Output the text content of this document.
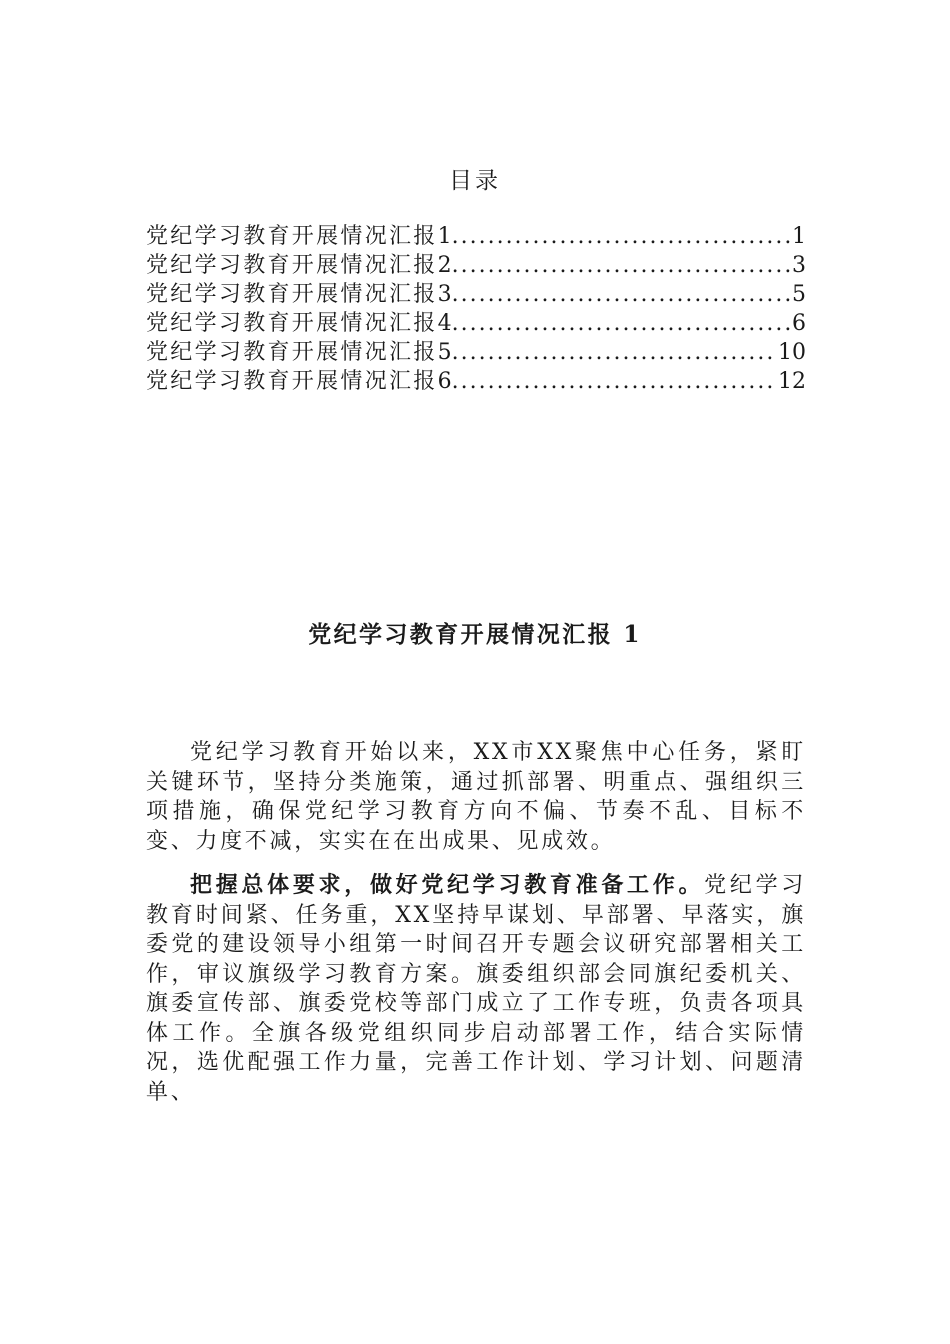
目录
党纪学习教育开展情况汇报 1 .....	1
党纪学习教育开展情况汇报 2 .....	3
党纪学习教育开展情况汇报 3 .....	5
党纪学习教育开展情况汇报 4 .....	6
党纪学习教育开展情况汇报 5 .....	10
党纪学习教育开展情况汇报 6 .....	12
党纪学习教育开展情况汇报 1

党纪学习教育开始以来，XX市XX聚焦中心任务，紧盯关键环节，坚持分类施策，通过抓部署、明重点、强组织三项措施，确保党纪学习教育方向不偏、节奏不乱、目标不变、力度不减，实实在在出成果、见成效。

把握总体要求，做好党纪学习教育准备工作。党纪学习教育时间紧、任务重，XX坚持早谋划、早部署、早落实，旗委党的建设领导小组第一时间召开专题会议研究部署相关工作，审议旗级学习教育方案。旗委组织部会同旗纪委机关、旗委宣传部、旗委党校等部门成立了工作专班，负责各项具体工作。全旗各级党组织同步启动部署工作，结合实际情况，选优配强工作力量，完善工作计划、学习计划、问题清单、
